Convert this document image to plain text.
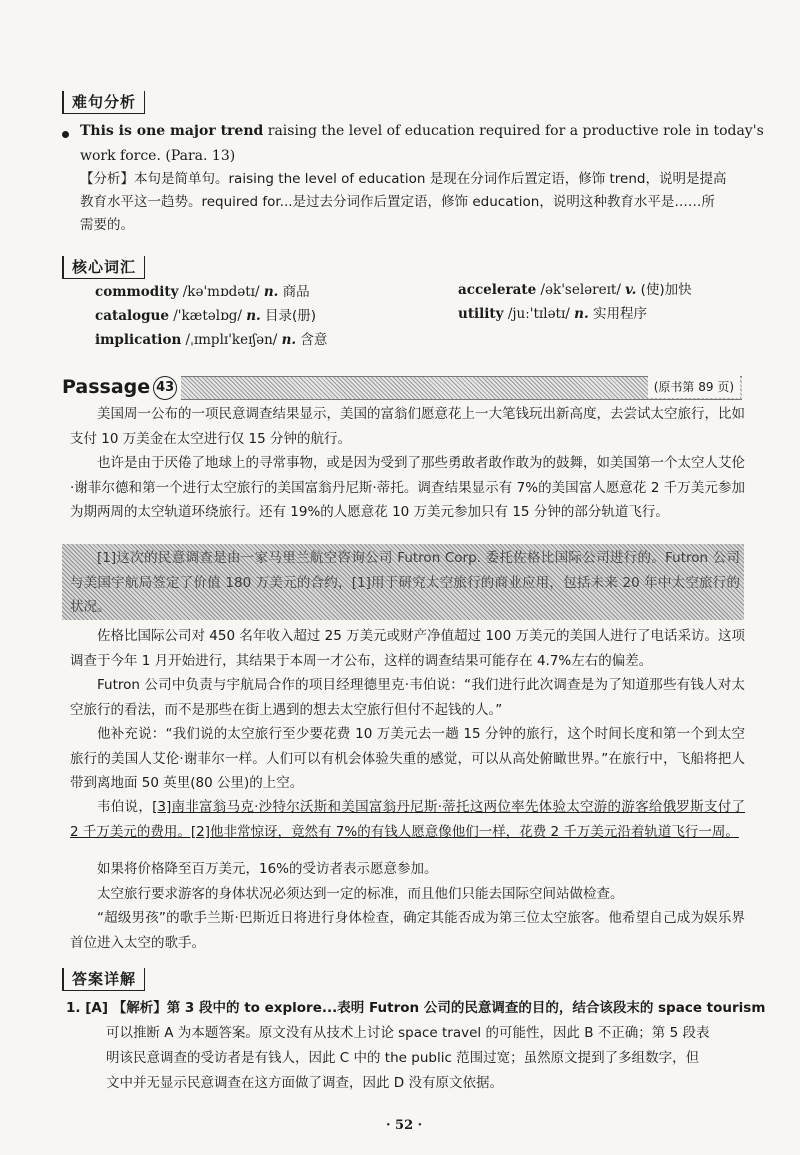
难句分析
This is one major trend raising the level of education required for a productive role in today's
work force. (Para. 13)
【分析】本句是简单句。raising the level of education 是现在分词作后置定语，修饰 trend，说明是提高
教育水平这一趋势。required for...是过去分词作后置定语，修饰 education，说明这种教育水平是……所
需要的。
核心词汇
commodity /kə'mɒdətɪ/ n. 商品
catalogue /'kætəlɒg/ n. 目录(册)
implication /ˌɪmplɪ'keɪʃən/ n. 含意
accelerate /ək'seləreɪt/ v. (使)加快
utility /juː'tɪlətɪ/ n. 实用程序
Passage 43	(原书第 89 页)
美国周一公布的一项民意调查结果显示，美国的富翁们愿意花上一大笔钱玩出新高度，去尝试太空旅行，比如支付 10 万美金在太空进行仅 15 分钟的航行。
也许是由于厌倦了地球上的寻常事物，或是因为受到了那些勇敢者敢作敢为的鼓舞，如美国第一个太空人艾伦·谢菲尔德和第一个进行太空旅行的美国富翁丹尼斯·蒂托。调查结果显示有 7%的美国富人愿意花 2 千万美元参加为期两周的太空轨道环绕旅行。还有 19%的人愿意花 10 万美元参加只有 15 分钟的部分轨道飞行。
[1]这次的民意调查是由一家马里兰航空咨询公司 Futron Corp. 委托佐格比国际公司进行的。Futron 公司与美国宇航局签定了价值 180 万美元的合约，[1]用于研究太空旅行的商业应用，包括未来 20 年中太空旅行的状况。
佐格比国际公司对 450 名年收入超过 25 万美元或财产净值超过 100 万美元的美国人进行了电话采访。这项调查于今年 1 月开始进行，其结果于本周一才公布，这样的调查结果可能存在 4.7%左右的偏差。
Futron 公司中负责与宇航局合作的项目经理德里克·韦伯说：“我们进行此次调查是为了知道那些有钱人对太空旅行的看法，而不是那些在街上遇到的想去太空旅行但付不起钱的人。”
他补充说：“我们说的太空旅行至少要花费 10 万美元去一趟 15 分钟的旅行，这个时间长度和第一个到太空旅行的美国人艾伦·谢菲尔一样。人们可以有机会体验失重的感觉，可以从高处俯瞰世界。”在旅行中，飞船将把人带到离地面 50 英里(80 公里)的上空。
韦伯说，[3]南非富翁马克·沙特尔沃斯和美国富翁丹尼斯·蒂托这两位率先体验太空游的游客给俄罗斯支付了 2 千万美元的费用。[2]他非常惊讶，竟然有 7%的有钱人愿意像他们一样，花费 2 千万美元沿着轨道飞行一周。
如果将价格降至百万美元，16%的受访者表示愿意参加。
太空旅行要求游客的身体状况必须达到一定的标准，而且他们只能去国际空间站做检查。
“超级男孩”的歌手兰斯·巴斯近日将进行身体检查，确定其能否成为第三位太空旅客。他希望自己成为娱乐界首位进入太空的歌手。
答案详解
1. [A] 【解析】第 3 段中的 to explore...表明 Futron 公司的民意调查的目的，结合该段末的 space tourism
可以推断 A 为本题答案。原文没有从技术上讨论 space travel 的可能性，因此 B 不正确；第 5 段表
明该民意调查的受访者是有钱人，因此 C 中的 the public 范围过宽；虽然原文提到了多组数字，但
文中并无显示民意调查在这方面做了调查，因此 D 没有原文依据。
· 52 ·
